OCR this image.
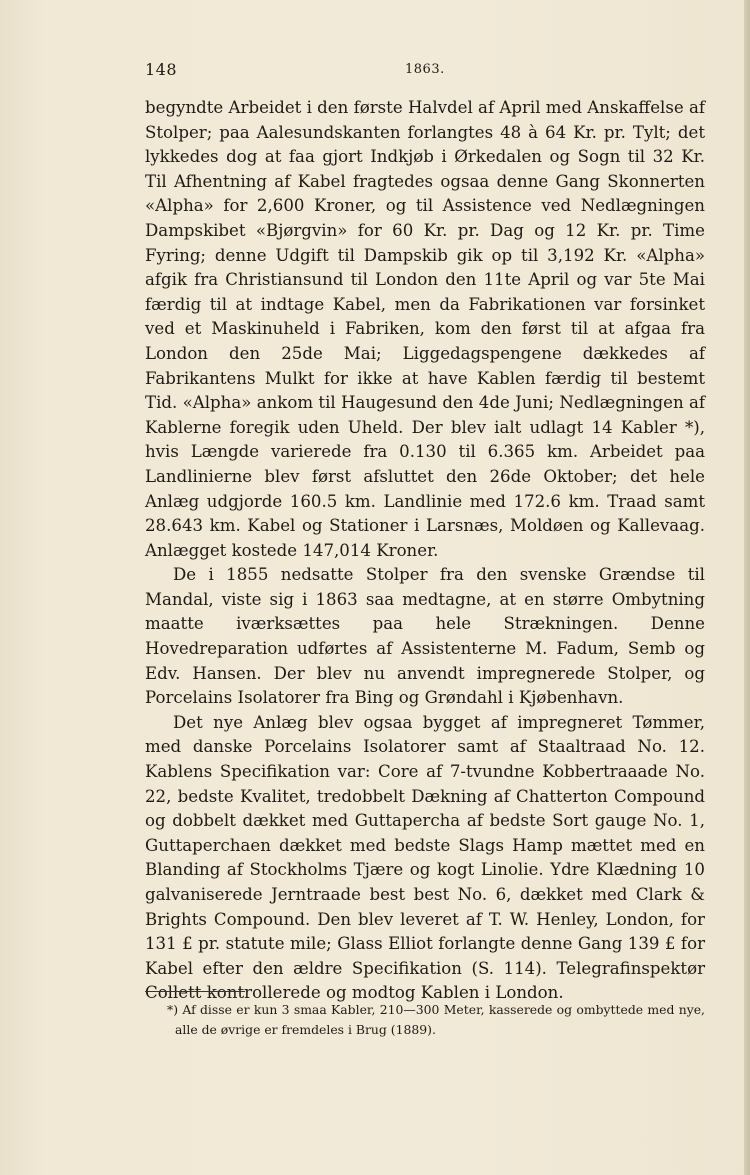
148	1863.

begyndte Arbeidet i den første Halvdel af April med Anskaffelse af Stolper; paa Aalesundskanten forlangtes 48 à 64 Kr. pr. Tylt; det lykkedes dog at faa gjort Indkjøb i Ørkedalen og Sogn til 32 Kr. Til Afhentning af Kabel fragtedes ogsaa denne Gang Skonnerten «Alpha» for 2,600 Kroner, og til Assistence ved Nedlægningen Dampskibet «Bjørgvin» for 60 Kr. pr. Dag og 12 Kr. pr. Time Fyring; denne Udgift til Dampskib gik op til 3,192 Kr. «Alpha» afgik fra Christiansund til London den 11te April og var 5te Mai færdig til at indtage Kabel, men da Fabrikationen var forsinket ved et Maskinuheld i Fabriken, kom den først til at afgaa fra London den 25de Mai; Liggedagspengene dækkedes af Fabrikantens Mulkt for ikke at have Kablen færdig til bestemt Tid. «Alpha» ankom til Haugesund den 4de Juni; Nedlægningen af Kablerne foregik uden Uheld. Der blev ialt udlagt 14 Kabler *), hvis Længde varierede fra 0.130 til 6.365 km. Arbeidet paa Landlinierne blev først afsluttet den 26de Oktober; det hele Anlæg udgjorde 160.5 km. Landlinie med 172.6 km. Traad samt 28.643 km. Kabel og Stationer i Larsnæs, Moldøen og Kallevaag. Anlægget kostede 147,014 Kroner.

De i 1855 nedsatte Stolper fra den svenske Grændse til Mandal, viste sig i 1863 saa medtagne, at en større Ombytning maatte iværksættes paa hele Strækningen. Denne Hovedreparation udførtes af Assistenterne M. Fadum, Semb og Edv. Hansen. Der blev nu anvendt impregnerede Stolper, og Porcelains Isolatorer fra Bing og Grøndahl i Kjøbenhavn.

Det nye Anlæg blev ogsaa bygget af impregneret Tømmer, med danske Porcelains Isolatorer samt af Staaltraad No. 12. Kablens Specifikation var: Core af 7-tvundne Kobbertraaade No. 22, bedste Kvalitet, tredobbelt Dækning af Chatterton Compound og dobbelt dækket med Guttapercha af bedste Sort gauge No. 1, Guttaperchaen dækket med bedste Slags Hamp mættet med en Blanding af Stockholms Tjære og kogt Linolie. Ydre Klædning 10 galvaniserede Jerntraade best best No. 6, dækket med Clark & Brights Compound. Den blev leveret af T. W. Henley, London, for 131 £ pr. statute mile; Glass Elliot forlangte denne Gang 139 £ for Kabel efter den ældre Specifikation (S. 114). Telegrafinspektør Collett kontrollerede og modtog Kablen i London.

*) Af disse er kun 3 smaa Kabler, 210—300 Meter, kasserede og ombyttede med nye, alle de øvrige er fremdeles i Brug (1889).
